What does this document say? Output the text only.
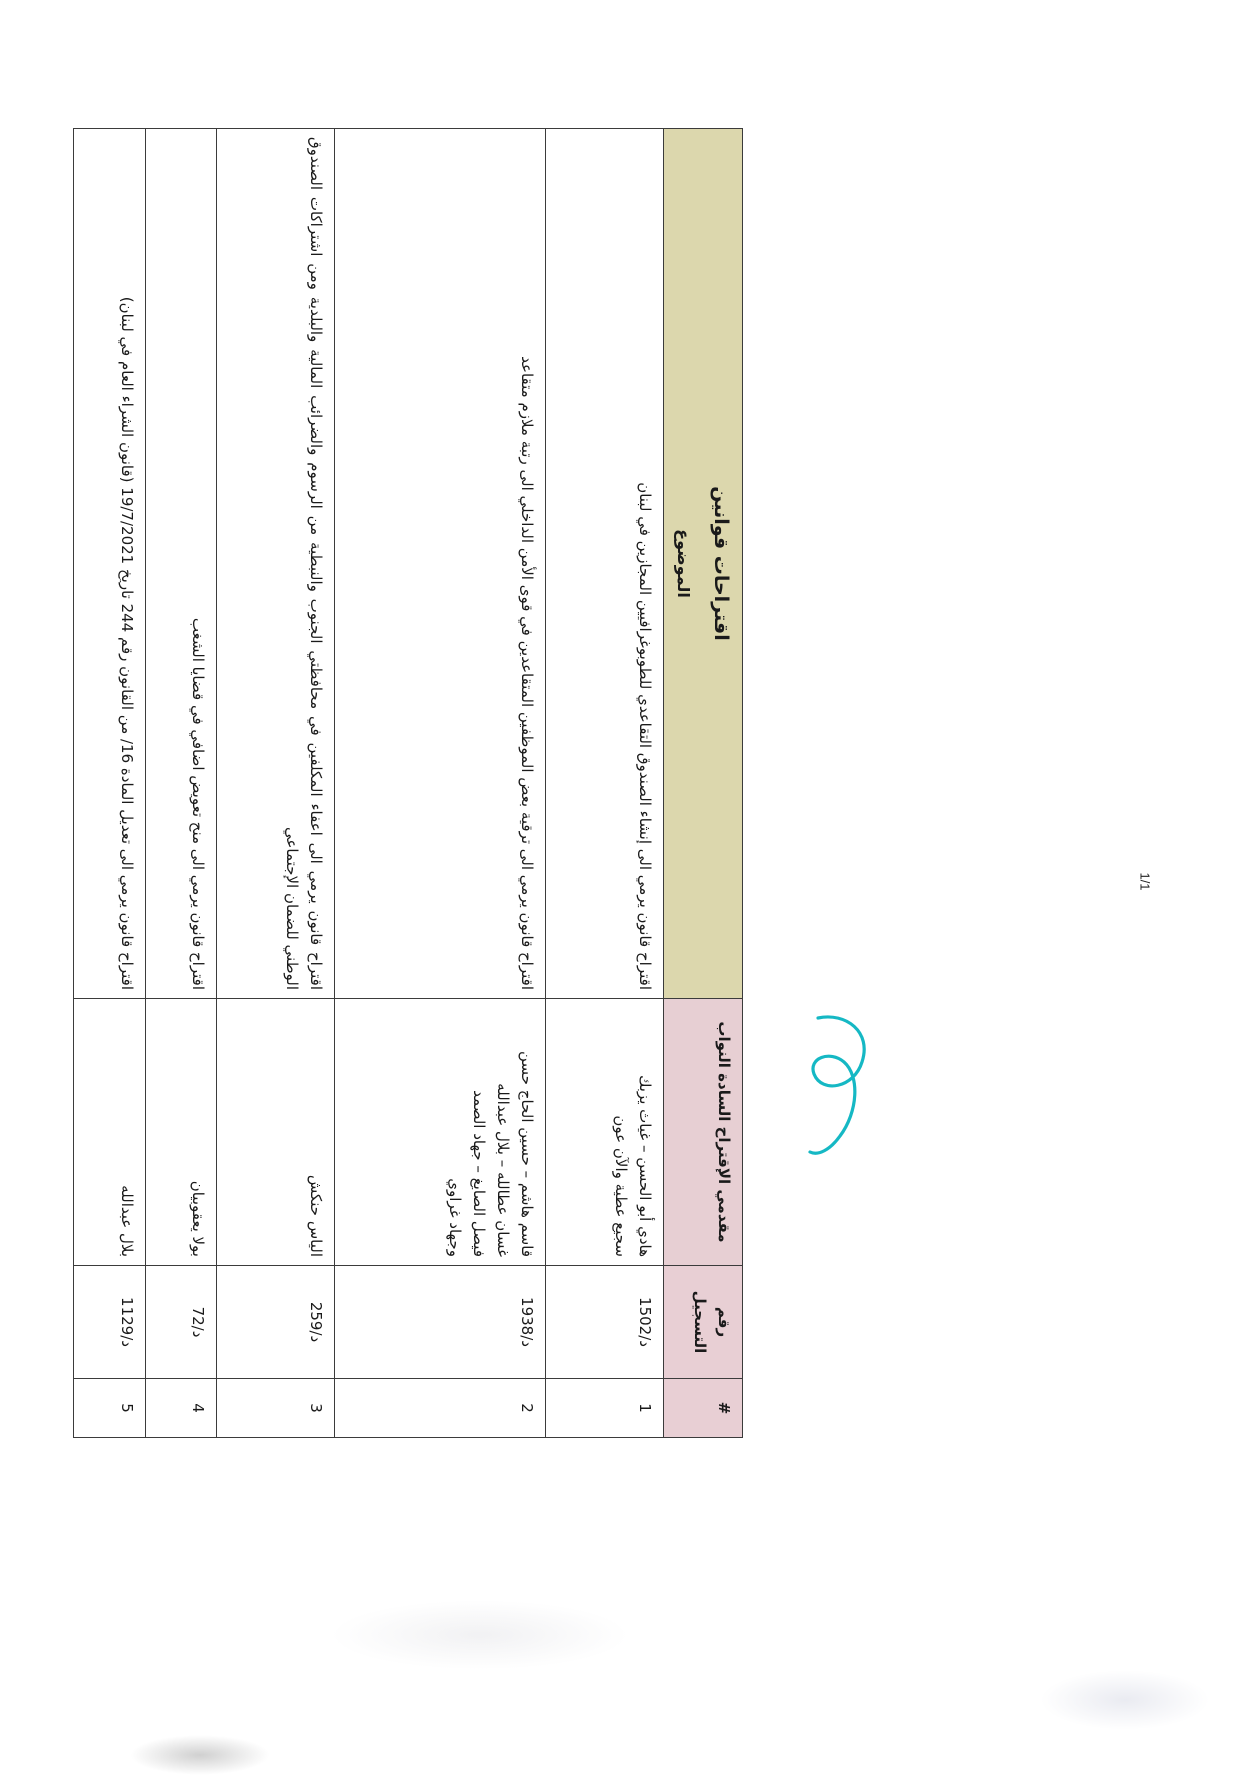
#	رقم التسجيل	مقدمي الإقتراح السادة النواب	اقتراحات قوانين
الموضوع

1	د/1502	هادي أبو الحسن – غياث يزبك
سجيع عطية والآن عون	اقتراح قانون يرمي الى إنشاء الصندوق التقاعدي للطوبوغرافيين المجازين في لبنان
2	د/1938	قاسم هاشم – حسين الحاج حسن
غسان عطالله – بلال عبدالله
فيصل الصايغ – جهاد الصمد
وجهاد غراوي	اقتراح قانون يرمي الى ترقية بعض الموظفين المتقاعدين في قوى الأمن الداخلي الى رتبة ملازم متقاعد
3	د/259	الياس حنكش	اقتراح قانون يرمي الى اعفاء المكلفين في محافظتي الجنوب والنبطية من الرسوم والضرائب المالية والبلدية ومن اشتراكات الصندوق الوطني للضمان الإجتماعي
4	د/72	بولا يعقوبيان	اقتراح قانون يرمي الى منح تعويض اضافي في قضايا الشغب
5	د/1129	بلال عبدالله	اقتراح قانون يرمي الى تعديل المادة 16/ من القانون رقم 244 تاريخ 19/7/2021 (قانون الشراء العام في لبنان)	1/1
